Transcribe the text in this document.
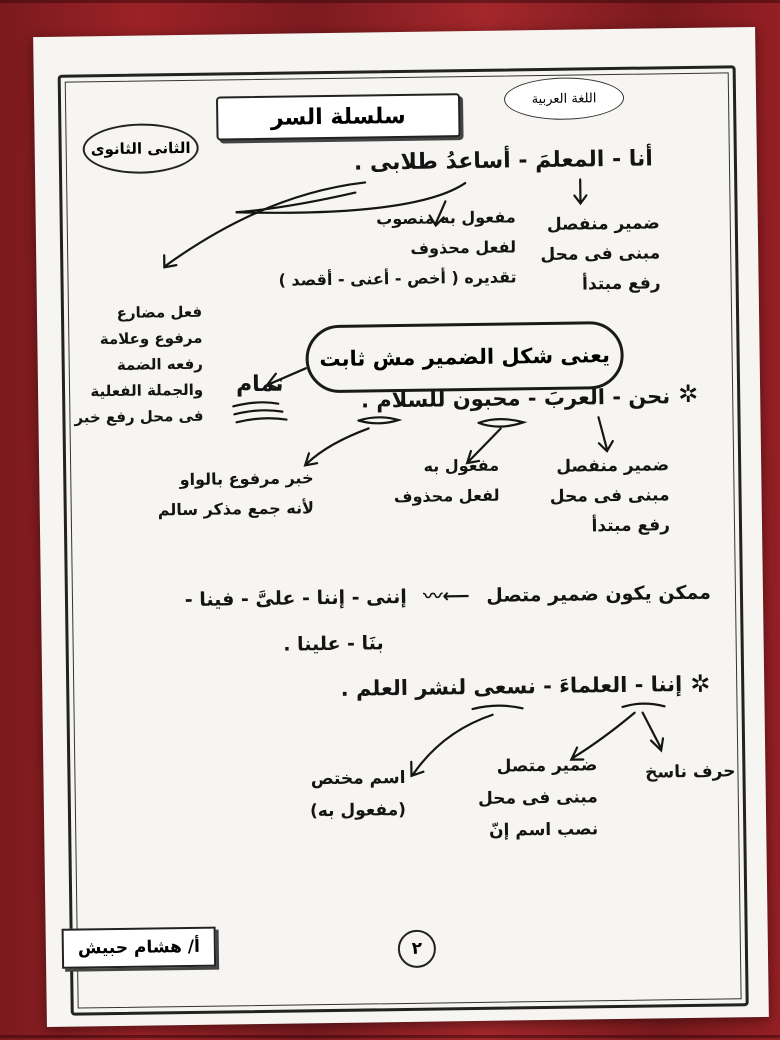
اللغة العربية
سلسلة السر
الثانى الثانوى	أنا - المعلمَ - أساعدُ طلابى .
ضمير منفصل
مبنى فى محل
رفع مبتدأ
مفعول به منصوب
لفعل محذوف
تقديره ( أخص - أعنى - أقصد )
فعل مضارع
مرفوع وعلامة
رفعه الضمة
والجملة الفعلية
فى محل رفع خبر
يعنى شكل الضمير مش ثابت
تمام	✲
نحن - العربَ - محبون للسلام .
ضمير منفصل
مبنى فى محل
رفع مبتدأ
مفعول به
لفعل محذوف
خبر مرفوع بالواو
لأنه جمع مذكر سالم
ممكن يكون ضمير متصل ⟵〰 إننى - إننا - علىَّ - فينا -
بنَا - علينا .
✲
إننا - العلماءَ - نسعى لنشر العلم .
حرف ناسخ
ضمير متصل
مبنى فى محل
نصب اسم إنّ
اسم مختص
(مفعول به)
أ/ هشام حبيش	٢
